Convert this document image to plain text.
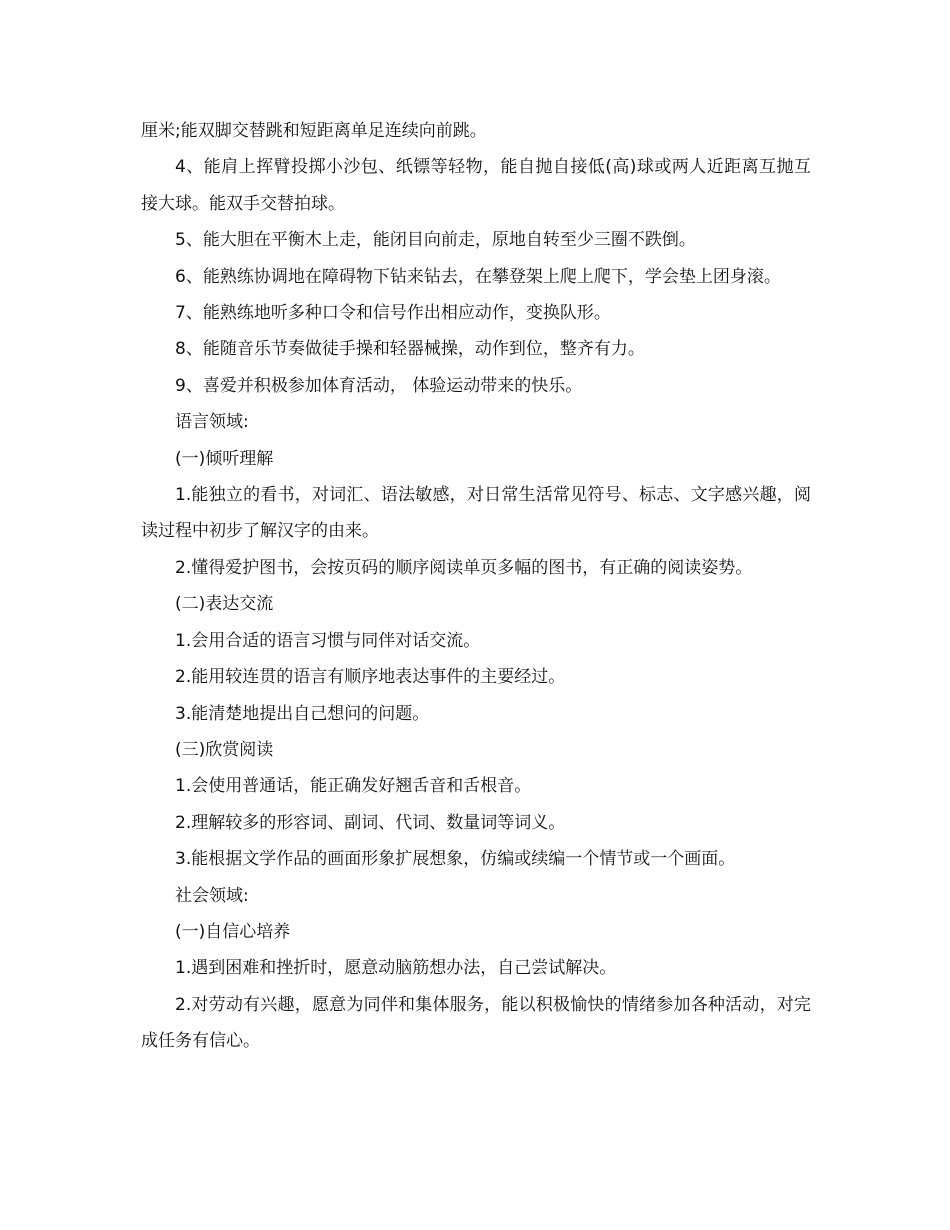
厘米;能双脚交替跳和短距离单足连续向前跳。

4、能肩上挥臂投掷小沙包、纸镖等轻物，能自抛自接低(高)球或两人近距离互抛互接大球。能双手交替拍球。

5、能大胆在平衡木上走，能闭目向前走，原地自转至少三圈不跌倒。

6、能熟练协调地在障碍物下钻来钻去，在攀登架上爬上爬下，学会垫上团身滚。

7、能熟练地听多种口令和信号作出相应动作，变换队形。

8、能随音乐节奏做徒手操和轻器械操，动作到位，整齐有力。

9、喜爱并积极参加体育活动， 体验运动带来的快乐。

语言领域:

(一)倾听理解

1.能独立的看书，对词汇、语法敏感，对日常生活常见符号、标志、文字感兴趣，阅读过程中初步了解汉字的由来。

2.懂得爱护图书，会按页码的顺序阅读单页多幅的图书，有正确的阅读姿势。

(二)表达交流

1.会用合适的语言习惯与同伴对话交流。

2.能用较连贯的语言有顺序地表达事件的主要经过。

3.能清楚地提出自己想问的问题。

(三)欣赏阅读

1.会使用普通话，能正确发好翘舌音和舌根音。

2.理解较多的形容词、副词、代词、数量词等词义。

3.能根据文学作品的画面形象扩展想象，仿编或续编一个情节或一个画面。

社会领域:

(一)自信心培养

1.遇到困难和挫折时，愿意动脑筋想办法，自己尝试解决。

2.对劳动有兴趣，愿意为同伴和集体服务，能以积极愉快的情绪参加各种活动，对完成任务有信心。
